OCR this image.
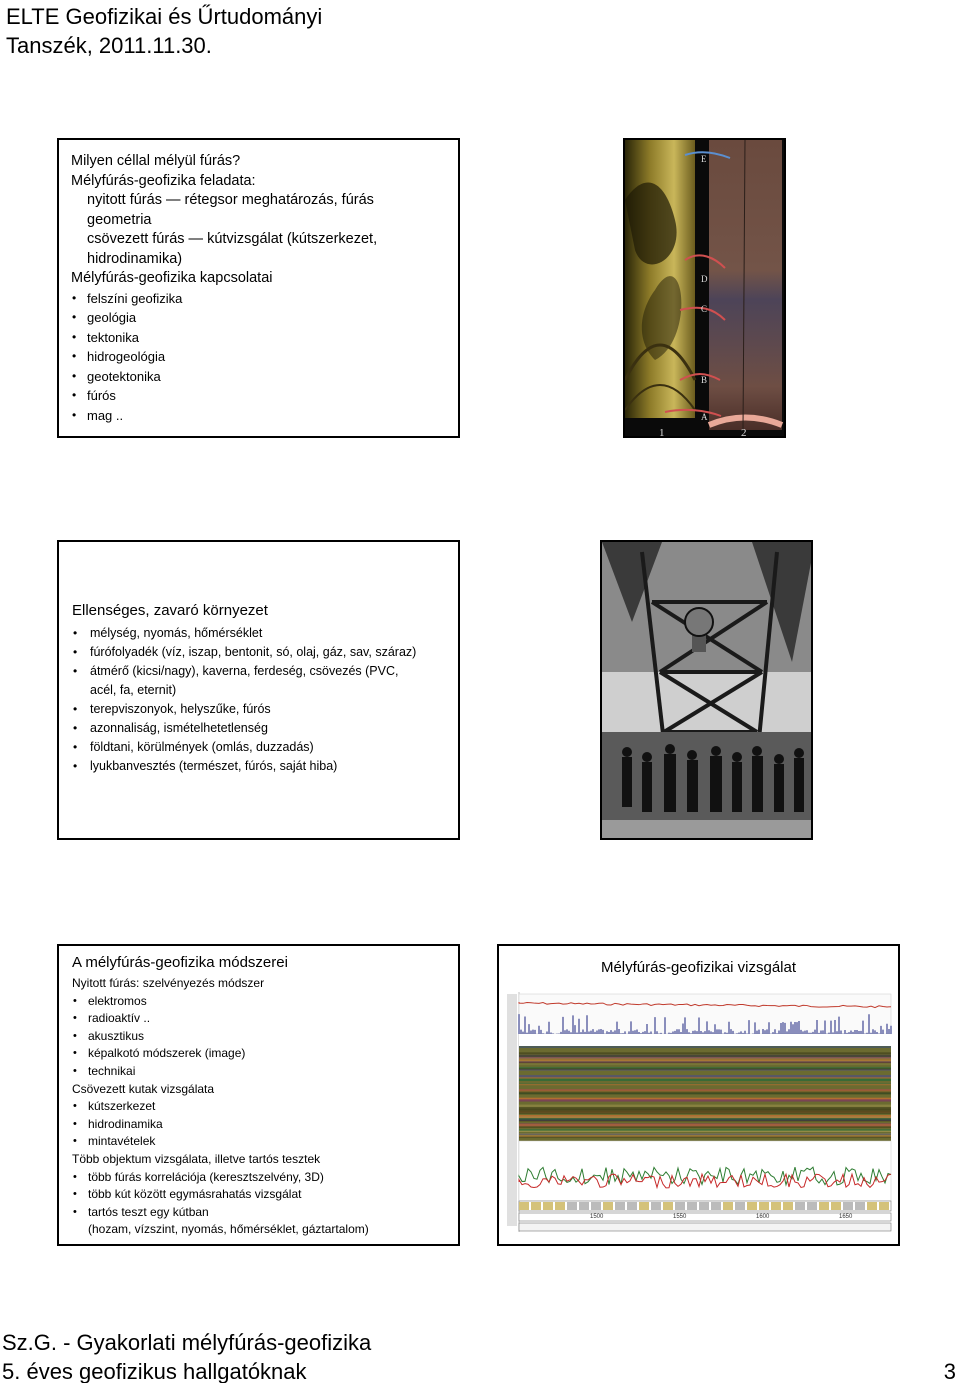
ELTE Geofizikai és Űrtudományi
Tanszék, 2011.11.30.
Milyen céllal mélyül fúrás?
Mélyfúrás-geofizika feladata:
nyitott fúrás — rétegsor meghatározás, fúrás
geometria
csövezett fúrás — kútvizsgálat (kútszerkezet,
hidrodinamika)
Mélyfúrás-geofizika kapcsolatai
• felszíni geofizika
• geológia
• tektonika
• hidrogeológia
• geotektonika
• fúrós
• mag ..
E
D
C
B
A
1	2
Ellenséges, zavaró környezet
• mélység, nyomás, hőmérséklet
• fúrófolyadék (víz, iszap, bentonit, só, olaj, gáz, sav, száraz)
• átmérő (kicsi/nagy), kaverna, ferdeség, csövezés (PVC,
acél, fa, eternit)
• terepviszonyok, helyszűke, fúrós
• azonnaliság, ismételhetetlenség
• földtani, körülmények (omlás, duzzadás)
• lyukbanvesztés (természet, fúrós, saját hiba)
A mélyfúrás-geofizika módszerei
Nyitott fúrás: szelvényezés módszer
• elektromos
• radioaktív ..
• akusztikus
• képalkotó módszerek (image)
• technikai
Csövezett kutak vizsgálata
• kútszerkezet
• hidrodinamika
• mintavételek
Több objektum vizsgálata, illetve tartós tesztek
• több fúrás korrelációja (keresztszelvény, 3D)
• több kút között egymásrahatás vizsgálat
• tartós teszt egy kútban
(hozam, vízszint, nyomás, hőmérséklet, gáztartalom)
Mélyfúrás-geofizikai vizsgálat
1500	1550	1600	1650
Sz.G. - Gyakorlati mélyfúrás-geofizika
5. éves geofizikus hallgatóknak	3
